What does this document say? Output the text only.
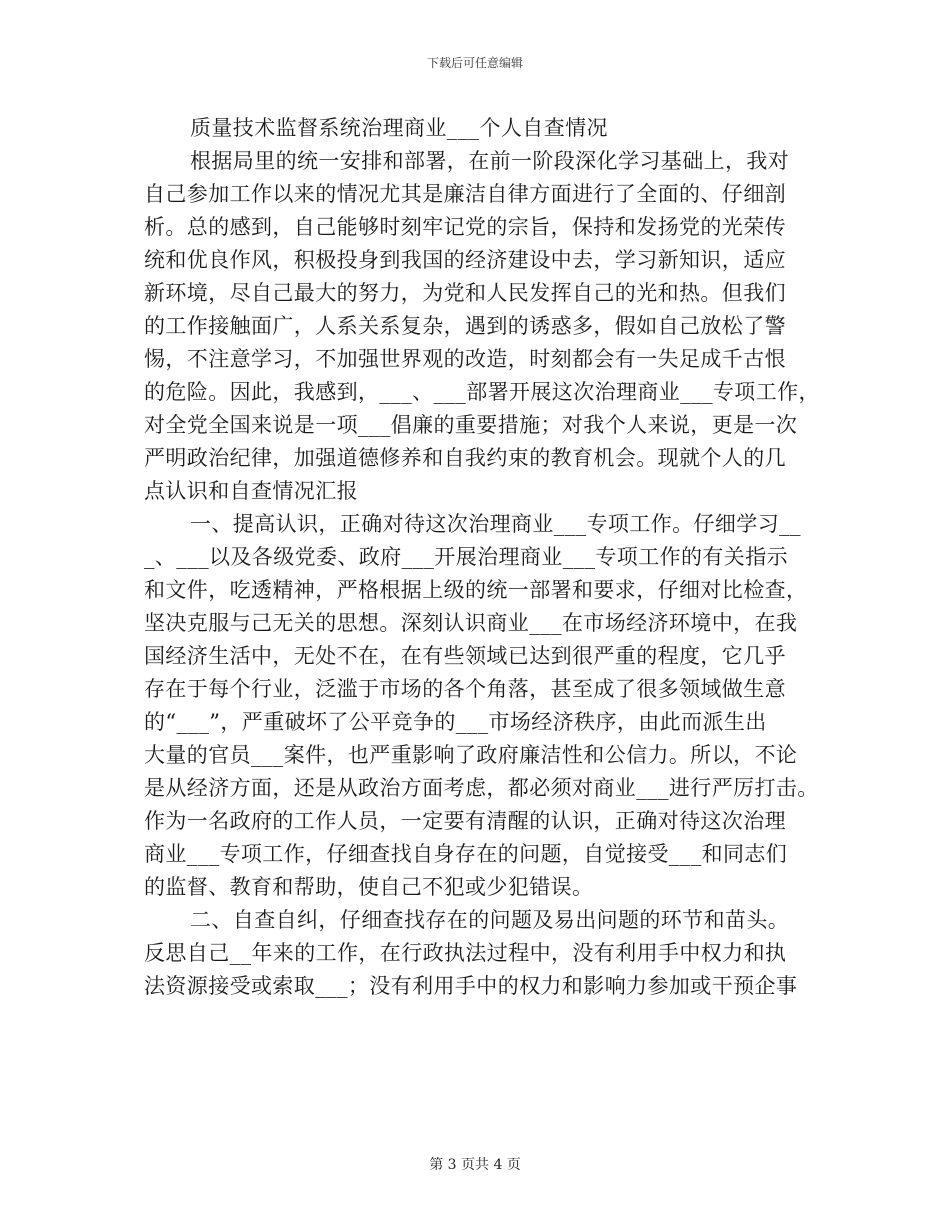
下载后可任意编辑
质量技术监督系统治理商业___个人自查情况
根据局里的统一安排和部署，在前一阶段深化学习基础上，我对
自己参加工作以来的情况尤其是廉洁自律方面进行了全面的、仔细剖
析。总的感到，自己能够时刻牢记党的宗旨，保持和发扬党的光荣传
统和优良作风，积极投身到我国的经济建设中去，学习新知识，适应
新环境，尽自己最大的努力，为党和人民发挥自己的光和热。但我们
的工作接触面广，人系关系复杂，遇到的诱惑多，假如自己放松了警
惕，不注意学习，不加强世界观的改造，时刻都会有一失足成千古恨
的危险。因此，我感到，___、___部署开展这次治理商业___专项工作，
对全党全国来说是一项___倡廉的重要措施；对我个人来说，更是一次
严明政治纪律，加强道德修养和自我约束的教育机会。现就个人的几
点认识和自查情况汇报
一、提高认识，正确对待这次治理商业___专项工作。仔细学习__
_、___以及各级党委、政府___开展治理商业___专项工作的有关指示
和文件，吃透精神，严格根据上级的统一部署和要求，仔细对比检查，
坚决克服与己无关的思想。深刻认识商业___在市场经济环境中，在我
国经济生活中，无处不在，在有些领域已达到很严重的程度，它几乎
存在于每个行业，泛滥于市场的各个角落，甚至成了很多领域做生意
的“___”，严重破坏了公平竞争的___市场经济秩序，由此而派生出
大量的官员___案件，也严重影响了政府廉洁性和公信力。所以，不论
是从经济方面，还是从政治方面考虑，都必须对商业___进行严厉打击。
作为一名政府的工作人员，一定要有清醒的认识，正确对待这次治理
商业___专项工作，仔细查找自身存在的问题，自觉接受___和同志们
的监督、教育和帮助，使自己不犯或少犯错误。
二、自查自纠，仔细查找存在的问题及易出问题的环节和苗头。
反思自己__年来的工作，在行政执法过程中，没有利用手中权力和执
法资源接受或索取___；没有利用手中的权力和影响力参加或干预企事
第 3 页共 4 页
